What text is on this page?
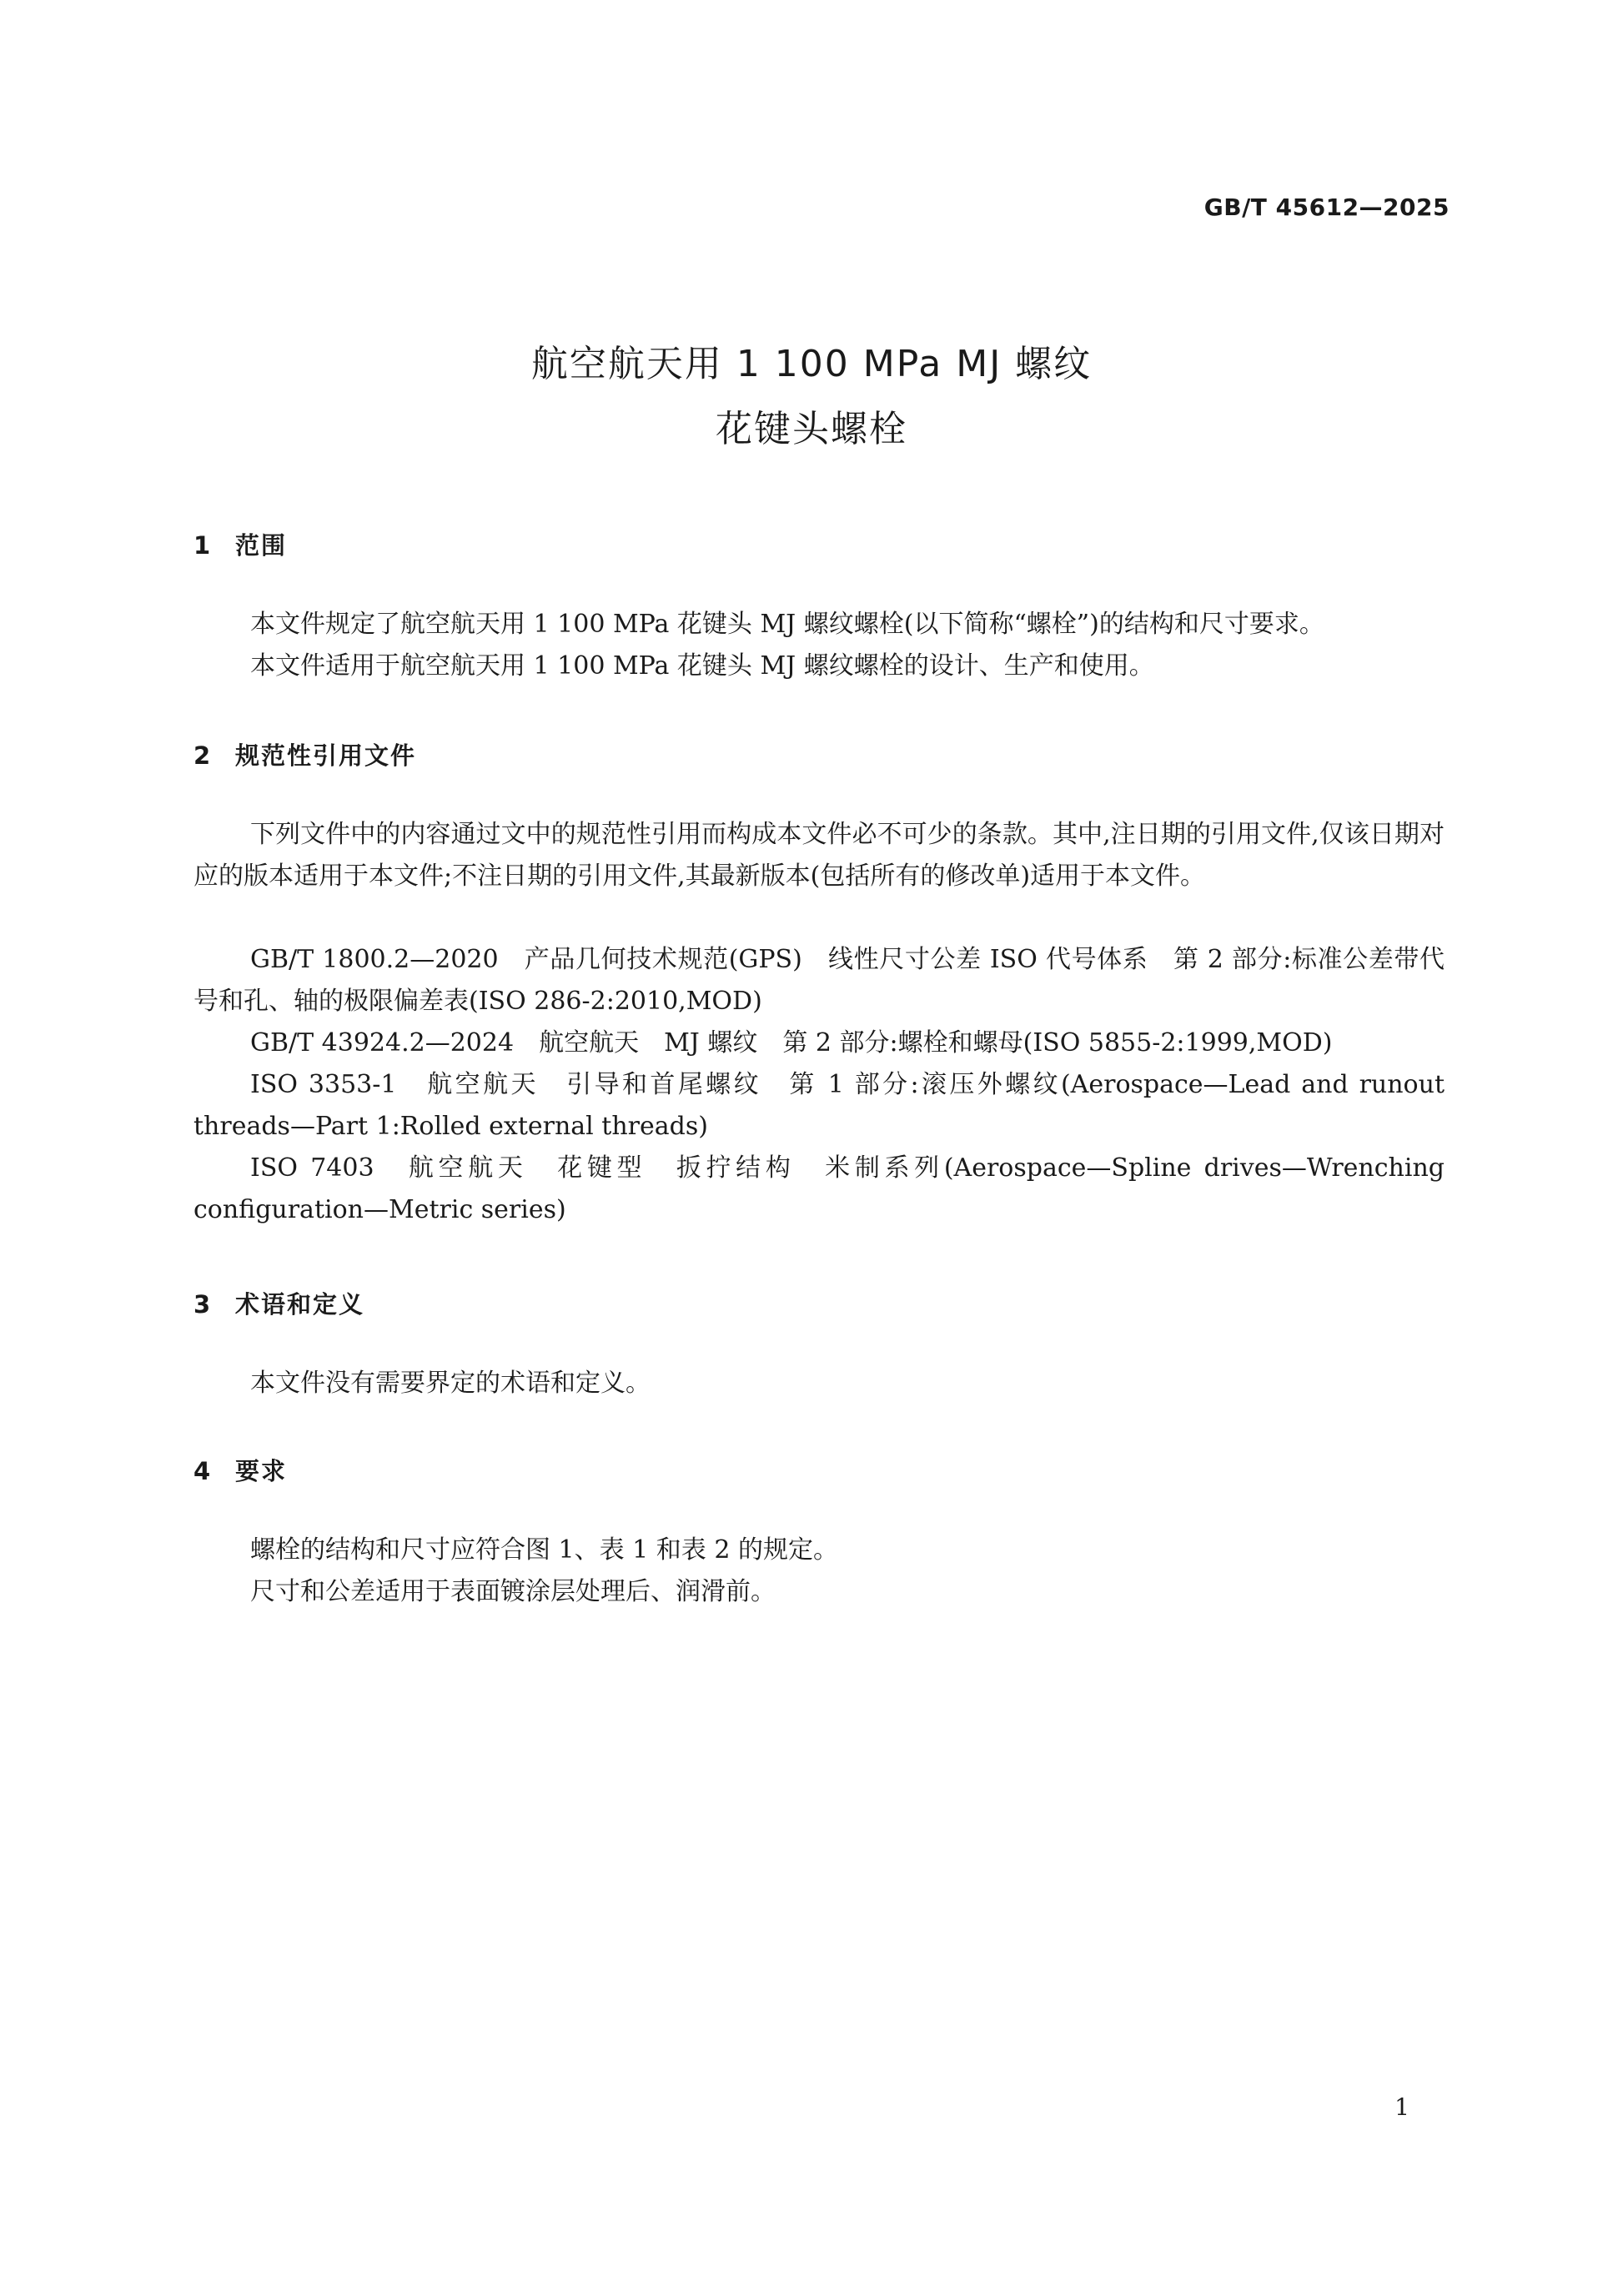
GB/T 45612—2025
航空航天用 1 100 MPa MJ 螺纹
花键头螺栓
1 范围
本文件规定了航空航天用 1 100 MPa 花键头 MJ 螺纹螺栓(以下简称“螺栓”)的结构和尺寸要求。
本文件适用于航空航天用 1 100 MPa 花键头 MJ 螺纹螺栓的设计、生产和使用。
2 规范性引用文件
下列文件中的内容通过文中的规范性引用而构成本文件必不可少的条款。其中,注日期的引用文件,仅该日期对应的版本适用于本文件;不注日期的引用文件,其最新版本(包括所有的修改单)适用于本文件。
GB/T 1800.2—2020　产品几何技术规范(GPS)　线性尺寸公差 ISO 代号体系　第 2 部分:标准公差带代号和孔、轴的极限偏差表(ISO 286-2:2010,MOD)
GB/T 43924.2—2024　航空航天　MJ 螺纹　第 2 部分:螺栓和螺母(ISO 5855-2:1999,MOD)
ISO 3353-1　航空航天　引导和首尾螺纹　第 1 部分:滚压外螺纹(Aerospace—Lead and runout threads—Part 1:Rolled external threads)
ISO 7403　航空航天　花键型　扳拧结构　米制系列(Aerospace—Spline drives—Wrenching configuration—Metric series)
3 术语和定义
本文件没有需要界定的术语和定义。
4 要求
螺栓的结构和尺寸应符合图 1、表 1 和表 2 的规定。
尺寸和公差适用于表面镀涂层处理后、润滑前。
1
